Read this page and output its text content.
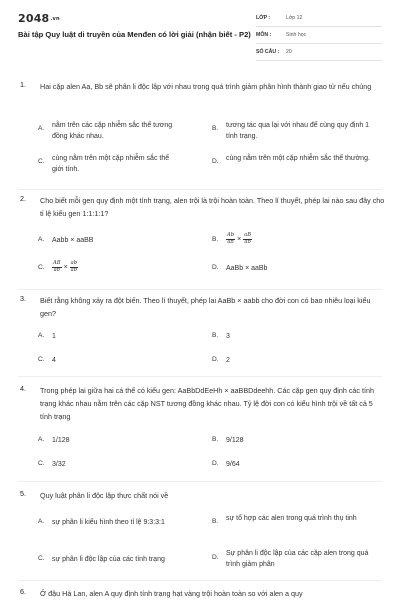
$2048^{.vn}$
Bài tập Quy luật di truyền của Menđen có lời giải (nhận biết - P2)
LỚP :	Lớp 12
MÔN :	Sinh học
SỐ CÂU : 20
1. Hai cặp alen Aa, Bb sẽ phân li độc lập với nhau trong quá trình giảm phân hình thành giao tử nếu chúng
A. nằm trên các cặp nhiễm sắc thể tương đồng khác nhau.
B. tương tác qua lại với nhau để cùng quy định 1 tính trạng.
C. cùng nằm trên một cặp nhiễm sắc thể giới tính.
D. cùng nằm trên một cặp nhiễm sắc thể thường.
2. Cho biết mỗi gen quy định một tính trạng, alen trội là trội hoàn toàn. Theo lí thuyết, phép lai nào sau đây cho tỉ lệ kiểu gen 1:1:1:1?
A. Aabb × aaBB	B. $\frac{Ab}{ab} \times \frac{aB}{ab}$
C. $\frac{AB}{ab} \times \frac{ab}{ab}$	D. AaBb × aaBb
3. Biết rằng không xảy ra đột biến. Theo lí thuyết, phép lai AaBb × aabb cho đời con có bao nhiêu loại kiểu gen?
A. 1	B. 3
C. 4	D. 2
4. Trong phép lai giữa hai cá thể có kiểu gen: AaBbDdEeHh × aaBBDdeehh. Các cặp gen quy định các tính trạng khác nhau nằm trên các cặp NST tương đồng khác nhau. Tỷ lệ đời con có kiểu hình trội về tất cả 5 tính trạng
A. 1/128	B. 9/128
C. 3/32	D. 9/64
5. Quy luật phân li độc lập thực chất nói về
A. sự phân li kiểu hình theo tỉ lệ 9:3:3:1	B. sự tổ hợp các alen trong quá trình thụ tinh
C. sự phân li độc lập của các tính trạng	D.
Sự phân li độc lập của các cặp alen trong quá trình giảm phân
6. Ở đậu Hà Lan, alen A quy định tính trạng hạt vàng trội hoàn toàn so với alen a quy
